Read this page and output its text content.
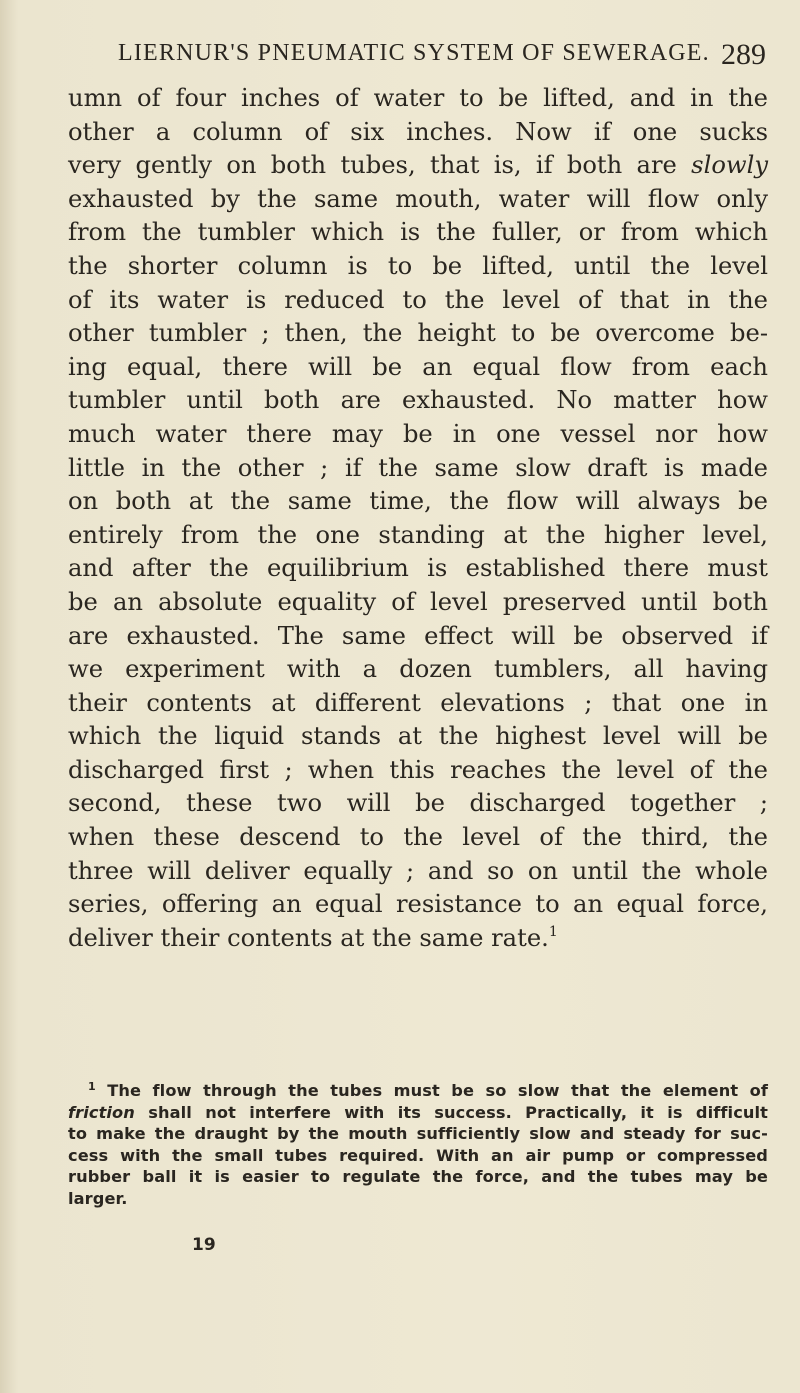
LIERNUR'S PNEUMATIC SYSTEM OF SEWERAGE. 289
umn of four inches of water to be lifted, and in the
other a column of six inches. Now if one sucks
very gently on both tubes, that is, if both are slowly
exhausted by the same mouth, water will flow only
from the tumbler which is the fuller, or from which
the shorter column is to be lifted, until the level
of its water is reduced to the level of that in the
other tumbler ; then, the height to be overcome be-
ing equal, there will be an equal flow from each
tumbler until both are exhausted. No matter how
much water there may be in one vessel nor how
little in the other ; if the same slow draft is made
on both at the same time, the flow will always be
entirely from the one standing at the higher level,
and after the equilibrium is established there must
be an absolute equality of level preserved until both
are exhausted. The same effect will be observed if
we experiment with a dozen tumblers, all having
their contents at different elevations ; that one in
which the liquid stands at the highest level will be
discharged first ; when this reaches the level of the
second, these two will be discharged together ;
when these descend to the level of the third, the
three will deliver equally ; and so on until the whole
series, offering an equal resistance to an equal force,
deliver their contents at the same rate.$^1$
$^1$ The flow through the tubes must be so slow that the element of
friction shall not interfere with its success. Practically, it is difficult
to make the draught by the mouth sufficiently slow and steady for suc-
cess with the small tubes required. With an air pump or compressed
rubber ball it is easier to regulate the force, and the tubes may be
larger.
19
